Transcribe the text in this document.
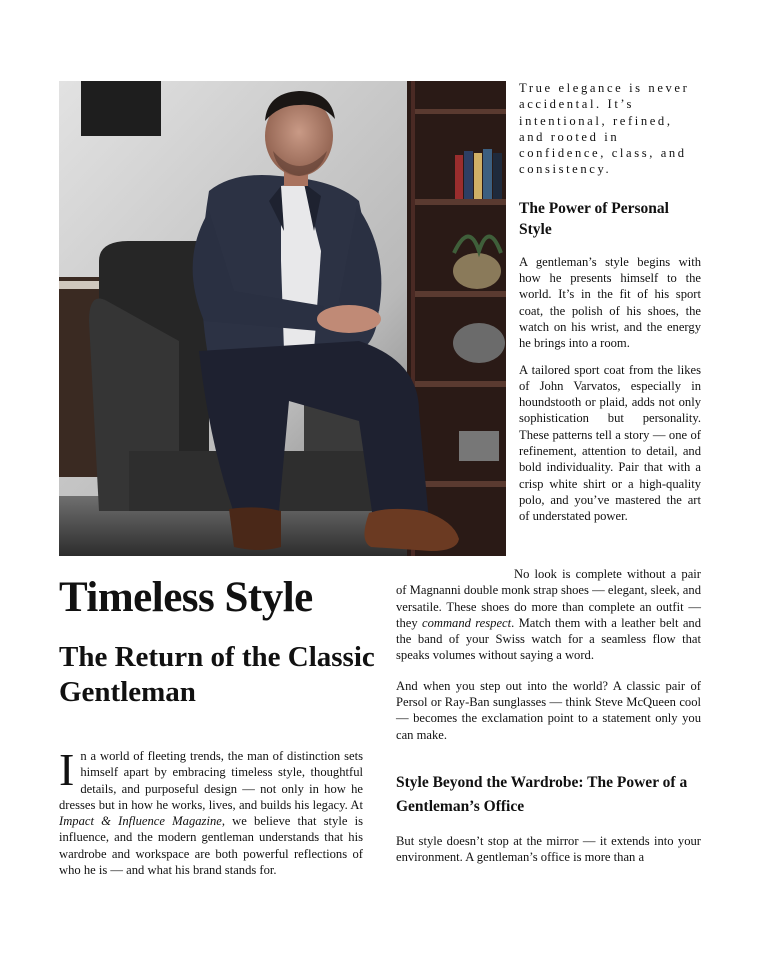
True elegance is never accidental. It’s intentional, refined, and rooted in confidence, class, and consistency.

The Power of Personal Style

A gentleman’s style begins with how he presents himself to the world. It’s in the fit of his sport coat, the polish of his shoes, the watch on his wrist, and the energy he brings into a room.

A tailored sport coat from the likes of John Varvatos, especially in houndstooth or plaid, adds not only sophistication but personality. These patterns tell a story — one of refinement, attention to detail, and bold individuality. Pair that with a crisp white shirt or a high-quality polo, and you’ve mastered the art of understated power.

No look is complete without a pair of Magnanni double monk strap shoes — elegant, sleek, and versatile. These shoes do more than complete an outfit — they command respect. Match them with a leather belt and the band of your Swiss watch for a seamless flow that speaks volumes without saying a word.

And when you step out into the world? A classic pair of Persol or Ray-Ban sunglasses — think Steve McQueen cool— becomes the exclamation point to a statement only you can make.

Style Beyond the Wardrobe: The Power of a Gentleman’s Office

But style doesn’t stop at the mirror — it extends into your environment. A gentleman’s office is more than a

Timeless Style
The Return of the Classic Gentleman

In a world of fleeting trends, the man of distinction sets himself apart by embracing timeless style, thoughtful details, and purposeful design — not only in how he dresses but in how he works, lives, and builds his legacy. At Impact & Influence Magazine, we believe that style is influence, and the modern gentleman understands that his wardrobe and workspace are both powerful reflections of who he is — and what his brand stands for.
